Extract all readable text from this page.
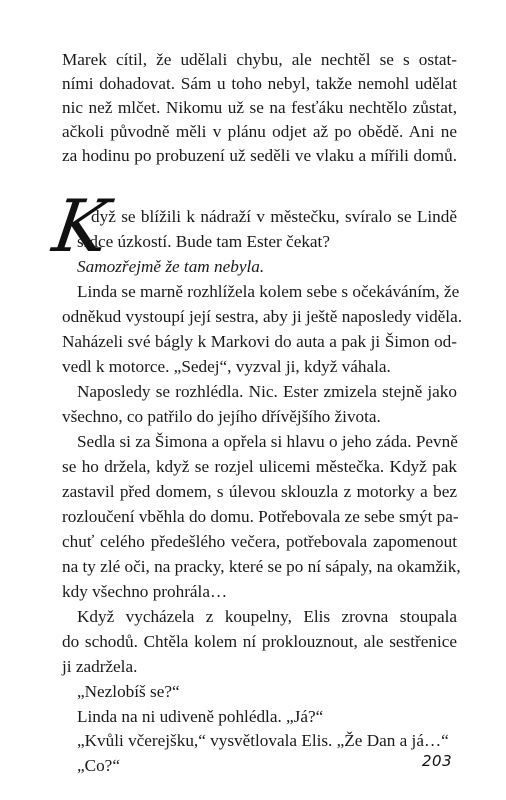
Marek cítil, že udělali chybu, ale nechtěl se s ostat-
ními dohadovat. Sám u toho nebyl, takže nemohl udělat
nic než mlčet. Nikomu už se na fesťáku nechtělo zůstat,
ačkoli původně měli v plánu odjet až po obědě. Ani ne
za hodinu po probuzení už seděli ve vlaku a mířili domů.
K
dyž se blížili k nádraží v městečku, svíralo se Lindě
srdce úzkostí. Bude tam Ester čekat?
Samozřejmě že tam nebyla.
Linda se marně rozhlížela kolem sebe s očekáváním, že
odněkud vystoupí její sestra, aby ji ještě naposledy viděla.
Naházeli své bágly k Markovi do auta a pak ji Šimon od-
vedl k motorce. „Sedej“, vyzval ji, když váhala.
Naposledy se rozhlédla. Nic. Ester zmizela stejně jako
všechno, co patřilo do jejího dřívějšího života.
Sedla si za Šimona a opřela si hlavu o jeho záda. Pevně
se ho držela, když se rozjel ulicemi městečka. Když pak
zastavil před domem, s úlevou sklouzla z motorky a bez
rozloučení vběhla do domu. Potřebovala ze sebe smýt pa-
chuť celého předešlého večera, potřebovala zapomenout
na ty zlé oči, na pracky, které se po ní sápaly, na okamžik,
kdy všechno prohrála…
Když vycházela z koupelny, Elis zrovna stoupala
do schodů. Chtěla kolem ní proklouznout, ale sestřenice
ji zadržela.
„Nezlobíš se?“
Linda na ni udiveně pohlédla. „Já?“
„Kvůli včerejšku,“ vysvětlovala Elis. „Že Dan a já…“
„Co?“	203
